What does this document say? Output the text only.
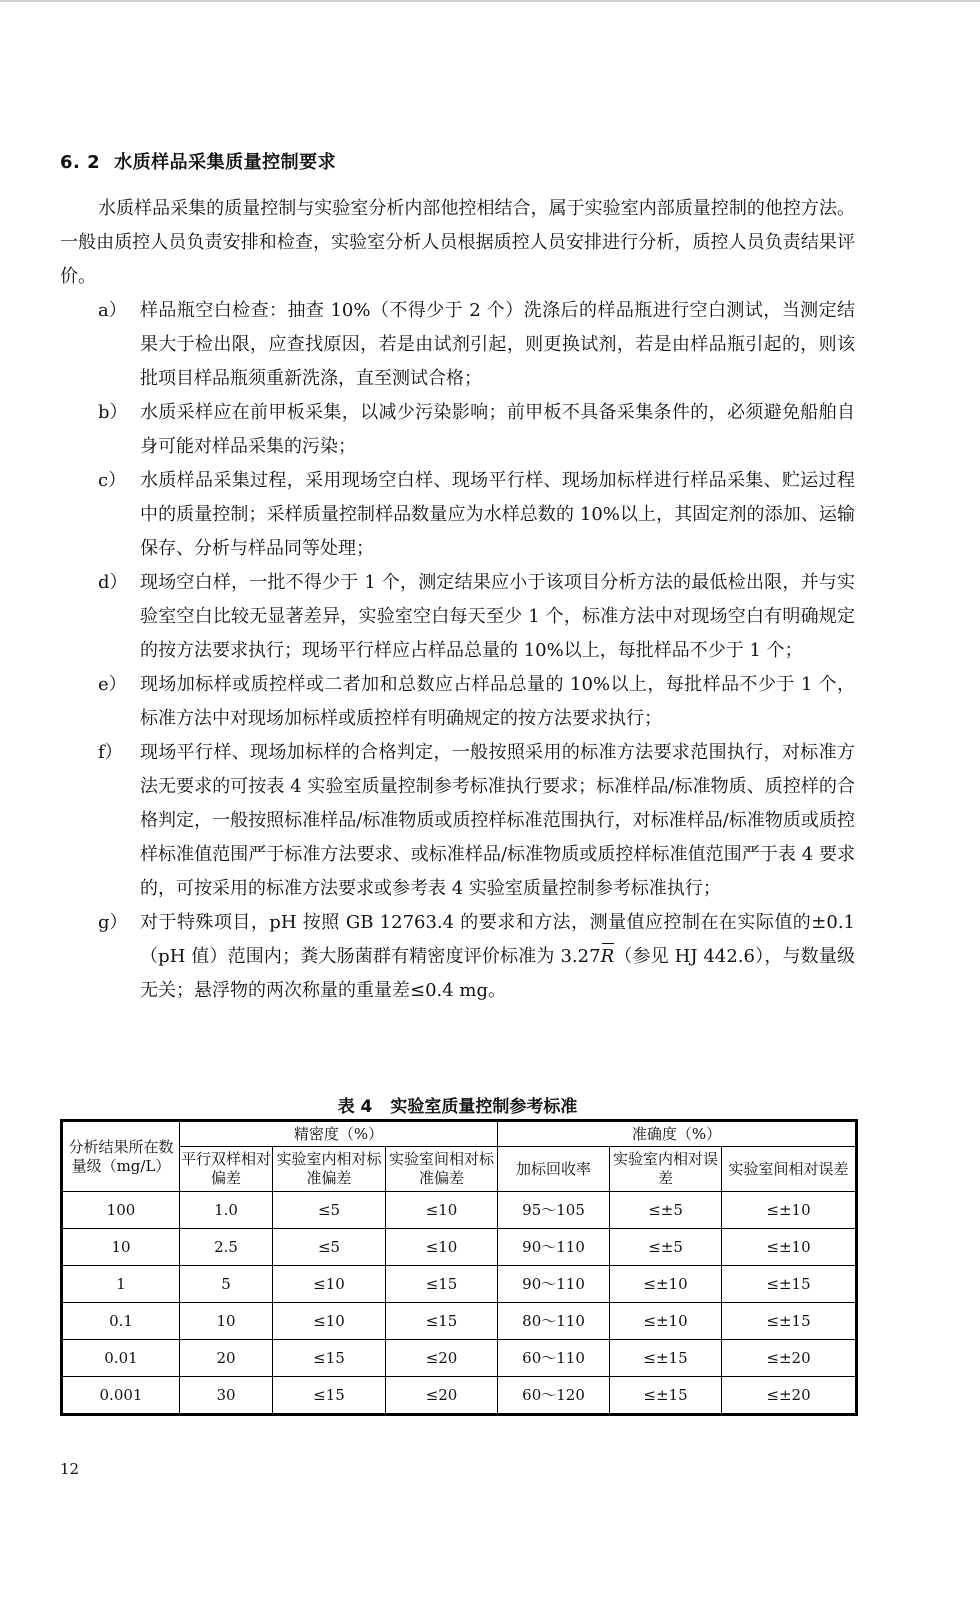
6. 2 水质样品采集质量控制要求
水质样品采集的质量控制与实验室分析内部他控相结合，属于实验室内部质量控制的他控方法。一般由质控人员负责安排和检查，实验室分析人员根据质控人员安排进行分析，质控人员负责结果评价。
a） 样品瓶空白检查：抽查 10%（不得少于 2 个）洗涤后的样品瓶进行空白测试，当测定结果大于检出限，应查找原因，若是由试剂引起，则更换试剂，若是由样品瓶引起的，则该批项目样品瓶须重新洗涤，直至测试合格；
b） 水质采样应在前甲板采集，以减少污染影响；前甲板不具备采集条件的，必须避免船舶自身可能对样品采集的污染；
c） 水质样品采集过程，采用现场空白样、现场平行样、现场加标样进行样品采集、贮运过程中的质量控制；采样质量控制样品数量应为水样总数的 10%以上，其固定剂的添加、运输保存、分析与样品同等处理；
d） 现场空白样，一批不得少于 1 个，测定结果应小于该项目分析方法的最低检出限，并与实验室空白比较无显著差异，实验室空白每天至少 1 个，标准方法中对现场空白有明确规定的按方法要求执行；现场平行样应占样品总量的 10%以上，每批样品不少于 1 个；
e） 现场加标样或质控样或二者加和总数应占样品总量的 10%以上，每批样品不少于 1 个，标准方法中对现场加标样或质控样有明确规定的按方法要求执行；
f） 现场平行样、现场加标样的合格判定，一般按照采用的标准方法要求范围执行，对标准方法无要求的可按表 4 实验室质量控制参考标准执行要求；标准样品/标准物质、质控样的合格判定，一般按照标准样品/标准物质或质控样标准范围执行，对标准样品/标准物质或质控样标准值范围严于标准方法要求、或标准样品/标准物质或质控样标准值范围严于表 4 要求的，可按采用的标准方法要求或参考表 4 实验室质量控制参考标准执行；
g） 对于特殊项目，pH 按照 GB 12763.4 的要求和方法，测量值应控制在在实际值的±0.1（pH 值）范围内；粪大肠菌群有精密度评价标准为 3.27R（参见 HJ 442.6），与数量级无关；悬浮物的两次称量的重量差≤0.4 mg。
表 4 实验室质量控制参考标准
分析结果所在数量级（mg/L）	精密度（%）			准确度（%）		
	平行双样相对偏差	实验室内相对标准偏差	实验室间相对标准偏差	加标回收率	实验室内相对误差	实验室间相对误差
100	1.0	≤5	≤10	95～105	≤±5	≤±10
10	2.5	≤5	≤10	90～110	≤±5	≤±10
1	5	≤10	≤15	90～110	≤±10	≤±15
0.1	10	≤10	≤15	80～110	≤±10	≤±15
0.01	20	≤15	≤20	60～110	≤±15	≤±20
0.001	30	≤15	≤20	60～120	≤±15	≤±20
12
